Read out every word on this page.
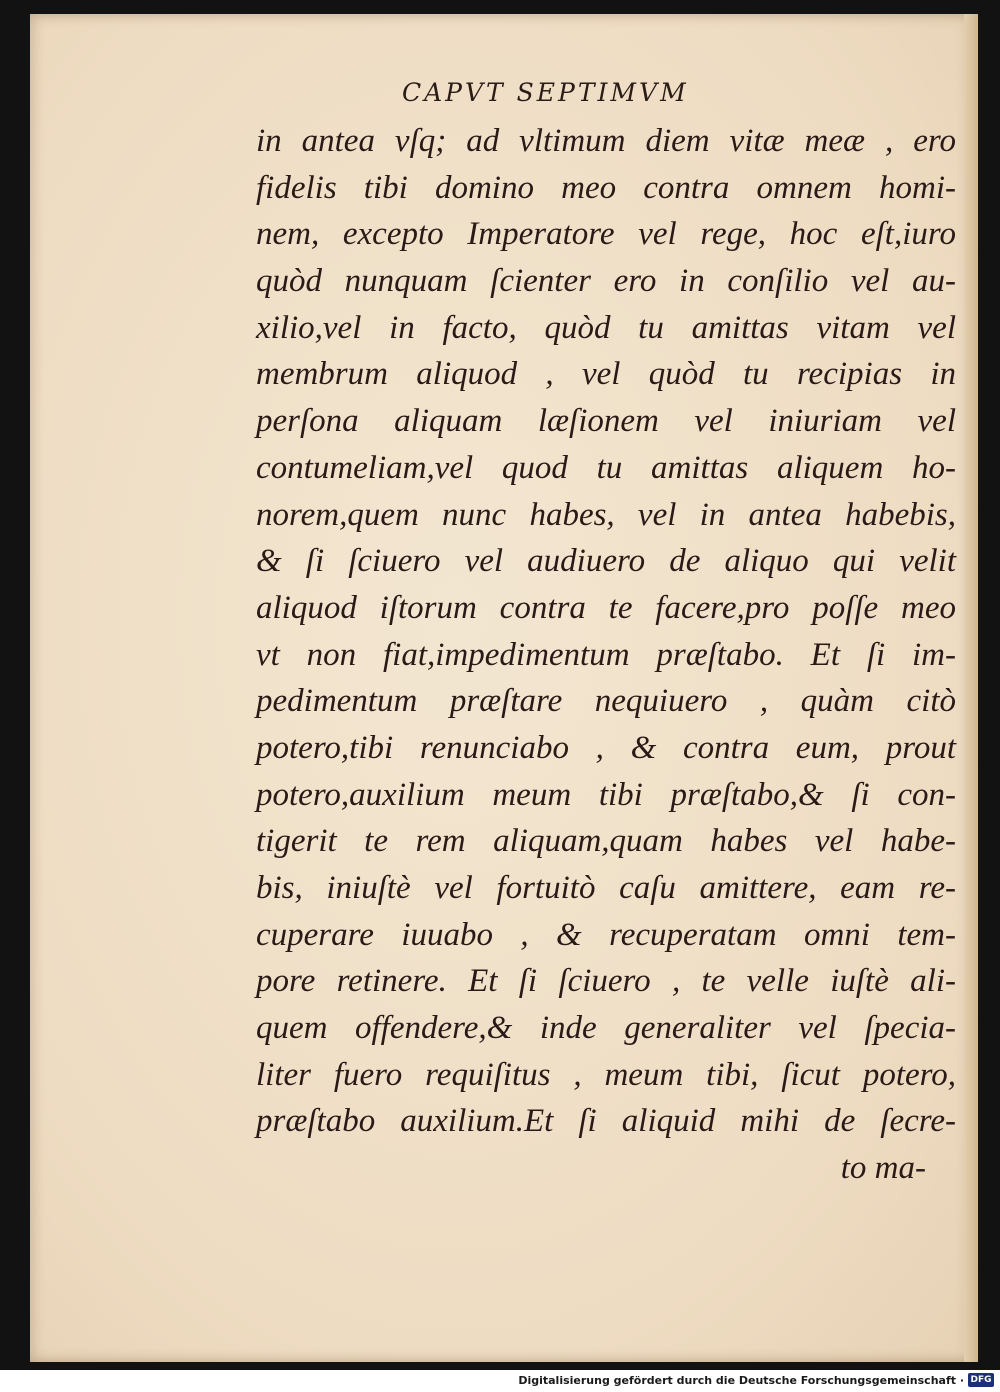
CAPVT SEPTIMVM
in antea vſq; ad vltimum diem vitæ meæ , ero
fidelis tibi domino meo contra omnem homi-
nem, excepto Imperatore vel rege, hoc eſt,iuro
quòd nunquam ſcienter ero in conſilio vel au-
xilio,vel in facto, quòd tu amittas vitam vel
membrum aliquod , vel quòd tu recipias in
perſona aliquam læſionem vel iniuriam vel
contumeliam,vel quod tu amittas aliquem ho-
norem,quem nunc habes, vel in antea habebis,
& ſi ſciuero vel audiuero de aliquo qui velit
aliquod iſtorum contra te facere,pro poſſe meo
vt non fiat,impedimentum præſtabo. Et ſi im-
pedimentum præſtare nequiuero , quàm citò
potero,tibi renunciabo , & contra eum, prout
potero,auxilium meum tibi præſtabo,& ſi con-
tigerit te rem aliquam,quam habes vel habe-
bis, iniuſtè vel fortuitò caſu amittere, eam re-
cuperare iuuabo , & recuperatam omni tem-
pore retinere. Et ſi ſciuero , te velle iuſtè ali-
quem offendere,& inde generaliter vel ſpecia-
liter fuero requiſitus , meum tibi, ſicut potero,
præſtabo auxilium.Et ſi aliquid mihi de ſecre-
to ma-
Digitalisierung gefördert durch die Deutsche Forschungsgemeinschaft · DFG
